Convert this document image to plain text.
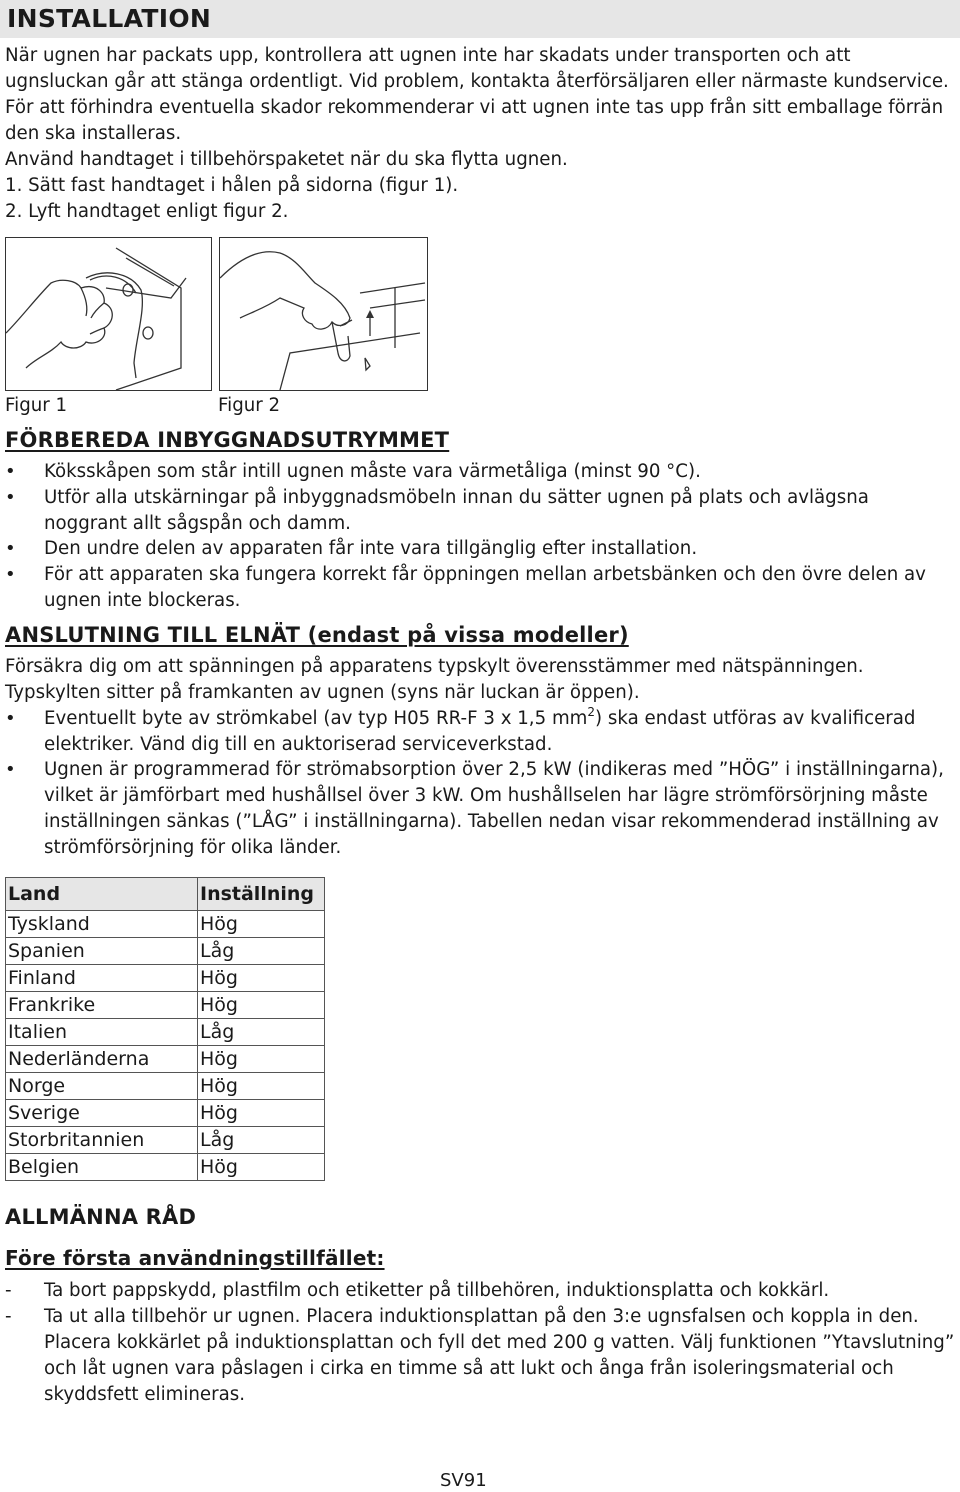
INSTALLATION

När ugnen har packats upp, kontrollera att ugnen inte har skadats under transporten och att ugnsluckan går att stänga ordentligt. Vid problem, kontakta återförsäljaren eller närmaste kundservice. För att förhindra eventuella skador rekommenderar vi att ugnen inte tas upp från sitt emballage förrän den ska installeras.

Använd handtaget i tillbehörspaketet när du ska flytta ugnen.

1. Sätt fast handtaget i hålen på sidorna (figur 1).

2. Lyft handtaget enligt figur 2.

Figur 1	Figur 2
FÖRBEREDA INBYGGNADSUTRYMMET
• Köksskåpen som står intill ugnen måste vara värmetåliga (minst 90 °C).

• Utför alla utskärningar på inbyggnadsmöbeln innan du sätter ugnen på plats och avlägsna noggrant allt sågspån och damm.

• Den undre delen av apparaten får inte vara tillgänglig efter installation.

• För att apparaten ska fungera korrekt får öppningen mellan arbetsbänken och den övre delen av ugnen inte blockeras.

ANSLUTNING TILL ELNÄT (endast på vissa modeller)

Försäkra dig om att spänningen på apparatens typskylt överensstämmer med nätspänningen. Typskylten sitter på framkanten av ugnen (syns när luckan är öppen).

• Eventuellt byte av strömkabel (av typ H05 RR-F 3 x 1,5 $mm^2$) ska endast utföras av kvalificerad elektriker. Vänd dig till en auktoriserad serviceverkstad.

• Ugnen är programmerad för strömabsorption över 2,5 kW (indikeras med ”HÖG” i inställningarna), vilket är jämförbart med hushållsel över 3 kW. Om hushållselen har lägre strömförsörjning måste inställningen sänkas (”LÅG” i inställningarna). Tabellen nedan visar rekommenderad inställning av strömförsörjning för olika länder.

Land	Inställning
Tyskland	Hög
Spanien	Låg
Finland	Hög
Frankrike	Hög
Italien	Låg
Nederländerna	Hög
Norge	Hög
Sverige	Hög
Storbritannien	Låg
Belgien	Hög
ALLMÄNNA RÅD
Före första användningstillfället:
- Ta bort pappskydd, plastfilm och etiketter på tillbehören, induktionsplatta och kokkärl.

- Ta ut alla tillbehör ur ugnen. Placera induktionsplattan på den 3:e ugnsfalsen och koppla in den. Placera kokkärlet på induktionsplattan och fyll det med 200 g vatten. Välj funktionen ”Ytavslutning” och låt ugnen vara påslagen i cirka en timme så att lukt och ånga från isoleringsmaterial och skyddsfett elimineras.

SV91
